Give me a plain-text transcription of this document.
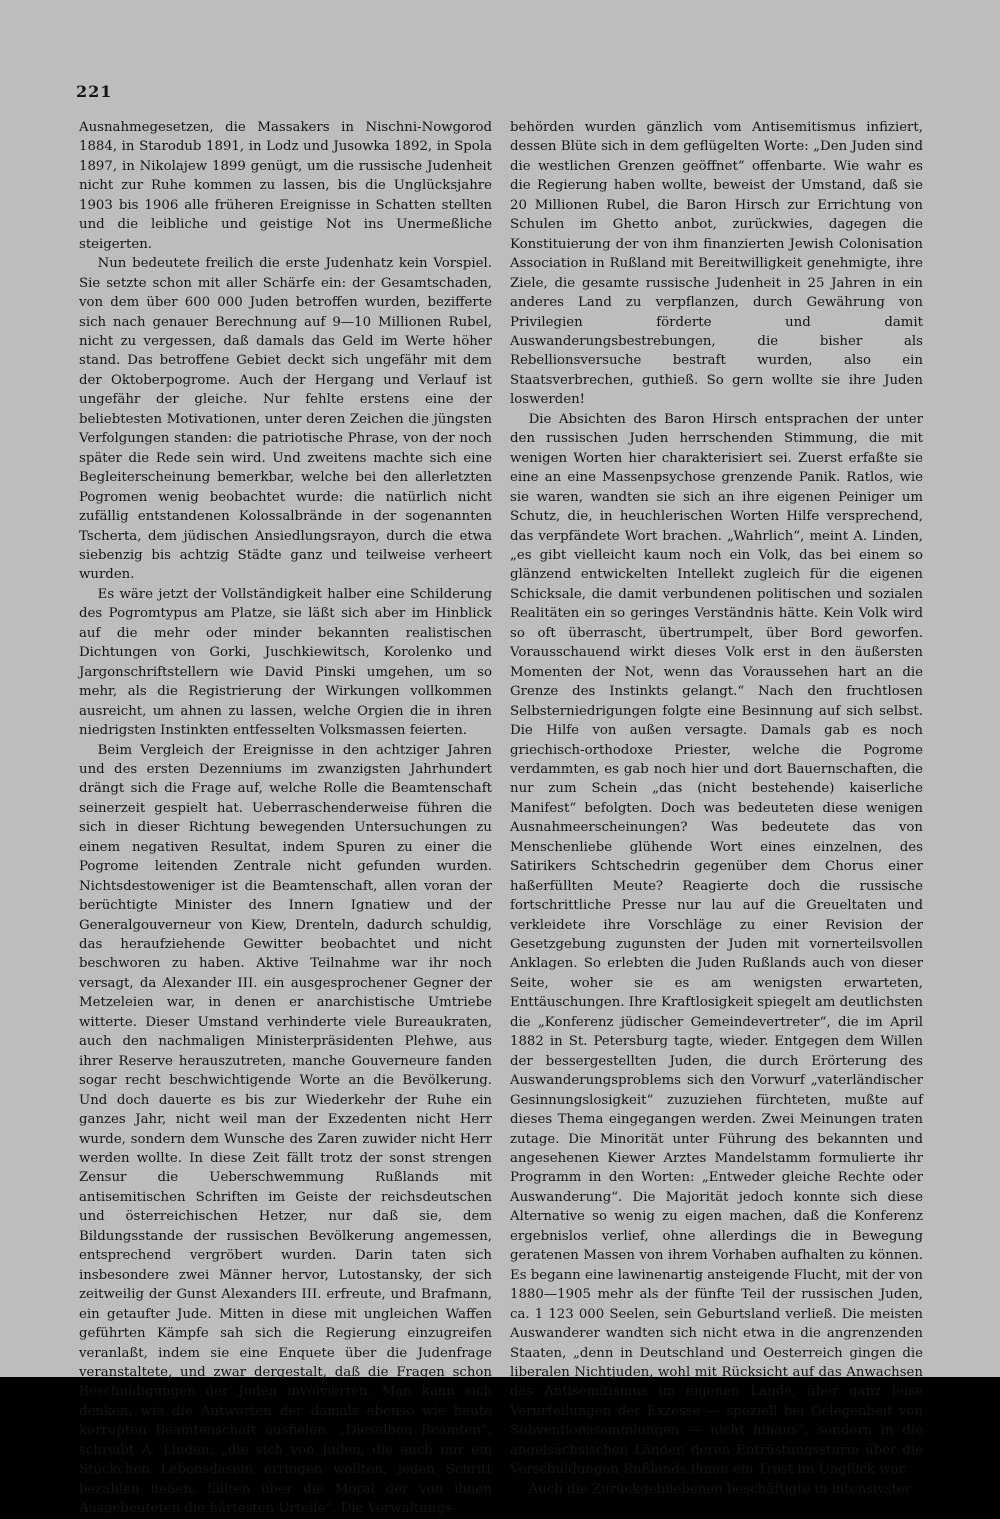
221

Ausnahmegesetzen, die Massakers in Nischni-Nowgorod 1884, in Starodub 1891, in Lodz und Jusowka 1892, in Spola 1897, in Nikolajew 1899 genügt, um die russische Judenheit nicht zur Ruhe kommen zu lassen, bis die Unglücksjahre 1903 bis 1906 alle früheren Ereignisse in Schatten stellten und die leibliche und geistige Not ins Unermeßliche steigerten.

Nun bedeutete freilich die erste Judenhatz kein Vorspiel. Sie setzte schon mit aller Schärfe ein: der Gesamtschaden, von dem über 600 000 Juden betroffen wurden, bezifferte sich nach genauer Berechnung auf 9—10 Millionen Rubel, nicht zu vergessen, daß damals das Geld im Werte höher stand. Das betroffene Gebiet deckt sich ungefähr mit dem der Oktoberpogrome. Auch der Hergang und Verlauf ist ungefähr der gleiche. Nur fehlte erstens eine der beliebtesten Motivationen, unter deren Zeichen die jüngsten Verfolgungen standen: die patriotische Phrase, von der noch später die Rede sein wird. Und zweitens machte sich eine Begleiterscheinung bemerkbar, welche bei den allerletzten Pogromen wenig beobachtet wurde: die natürlich nicht zufällig entstandenen Kolossalbrände in der sogenannten Tscherta, dem jüdischen Ansiedlungsrayon, durch die etwa siebenzig bis achtzig Städte ganz und teilweise verheert wurden.

Es wäre jetzt der Vollständigkeit halber eine Schilderung des Pogromtypus am Platze, sie läßt sich aber im Hinblick auf die mehr oder minder bekannten realistischen Dichtungen von Gorki, Juschkiewitsch, Korolenko und Jargonschriftstellern wie David Pinski umgehen, um so mehr, als die Registrierung der Wirkungen vollkommen ausreicht, um ahnen zu lassen, welche Orgien die in ihren niedrigsten Instinkten entfesselten Volksmassen feierten.

Beim Vergleich der Ereignisse in den achtziger Jahren und des ersten Dezenniums im zwanzigsten Jahrhundert drängt sich die Frage auf, welche Rolle die Beamtenschaft seinerzeit gespielt hat. Ueberraschenderweise führen die sich in dieser Richtung bewegenden Untersuchungen zu einem negativen Resultat, indem Spuren zu einer die Pogrome leitenden Zentrale nicht gefunden wurden. Nichtsdestoweniger ist die Beamtenschaft, allen voran der berüchtigte Minister des Innern Ignatiew und der Generalgouverneur von Kiew, Drenteln, dadurch schuldig, das heraufziehende Gewitter beobachtet und nicht beschworen zu haben. Aktive Teilnahme war ihr noch versagt, da Alexander III. ein ausgesprochener Gegner der Metzeleien war, in denen er anarchistische Umtriebe witterte. Dieser Umstand verhinderte viele Bureaukraten, auch den nachmaligen Ministerpräsidenten Plehwe, aus ihrer Reserve herauszutreten, manche Gouverneure fanden sogar recht beschwichtigende Worte an die Bevölkerung. Und doch dauerte es bis zur Wiederkehr der Ruhe ein ganzes Jahr, nicht weil man der Exzedenten nicht Herr wurde, sondern dem Wunsche des Zaren zuwider nicht Herr werden wollte. In diese Zeit fällt trotz der sonst strengen Zensur die Ueberschwemmung Rußlands mit antisemitischen Schriften im Geiste der reichsdeutschen und österreichischen Hetzer, nur daß sie, dem Bildungsstande der russischen Bevölkerung angemessen, entsprechend vergröbert wurden. Darin taten sich insbesondere zwei Männer hervor, Lutostansky, der sich zeitweilig der Gunst Alexanders III. erfreute, und Brafmann, ein getaufter Jude. Mitten in diese mit ungleichen Waffen geführten Kämpfe sah sich die Regierung einzugreifen veranlaßt, indem sie eine Enquete über die Judenfrage veranstaltete, und zwar dergestalt, daß die Fragen schon Beschuldigungen der Juden involvierten. Man kann sich denken, wie die Antworten der damals ebenso wie heute korrupten Beamtenschaft ausfielen. „Dieselben Beamten“, schreibt A. Linden, „die sich von Juden, die auch nur ein Stückchen Lebensdasein erringen wollten, jeden Schritt bezahlen ließen, fällten über die Moral der von ihnen Ausgebeuteten die härtesten Urteile“. Die Verwaltungs-

behörden wurden gänzlich vom Antisemitismus infiziert, dessen Blüte sich in dem geflügelten Worte: „Den Juden sind die westlichen Grenzen geöffnet“ offenbarte. Wie wahr es die Regierung haben wollte, beweist der Umstand, daß sie 20 Millionen Rubel, die Baron Hirsch zur Errichtung von Schulen im Ghetto anbot, zurückwies, dagegen die Konstituierung der von ihm finanzierten Jewish Colonisation Association in Rußland mit Bereitwilligkeit genehmigte, ihre Ziele, die gesamte russische Judenheit in 25 Jahren in ein anderes Land zu verpflanzen, durch Gewährung von Privilegien förderte und damit Auswanderungsbestrebungen, die bisher als Rebellionsversuche bestraft wurden, also ein Staatsverbrechen, guthieß. So gern wollte sie ihre Juden loswerden!

Die Absichten des Baron Hirsch entsprachen der unter den russischen Juden herrschenden Stimmung, die mit wenigen Worten hier charakterisiert sei. Zuerst erfaßte sie eine an eine Massenpsychose grenzende Panik. Ratlos, wie sie waren, wandten sie sich an ihre eigenen Peiniger um Schutz, die, in heuchlerischen Worten Hilfe versprechend, das verpfändete Wort brachen. „Wahrlich“, meint A. Linden, „es gibt vielleicht kaum noch ein Volk, das bei einem so glänzend entwickelten Intellekt zugleich für die eigenen Schicksale, die damit verbundenen politischen und sozialen Realitäten ein so geringes Verständnis hätte. Kein Volk wird so oft überrascht, übertrumpelt, über Bord geworfen. Vorausschauend wirkt dieses Volk erst in den äußersten Momenten der Not, wenn das Voraussehen hart an die Grenze des Instinkts gelangt.“ Nach den fruchtlosen Selbsterniedrigungen folgte eine Besinnung auf sich selbst. Die Hilfe von außen versagte. Damals gab es noch griechisch-orthodoxe Priester, welche die Pogrome verdammten, es gab noch hier und dort Bauernschaften, die nur zum Schein „das (nicht bestehende) kaiserliche Manifest“ befolgten. Doch was bedeuteten diese wenigen Ausnahmeerscheinungen? Was bedeutete das von Menschenliebe glühende Wort eines einzelnen, des Satirikers Schtschedrin gegenüber dem Chorus einer haßerfüllten Meute? Reagierte doch die russische fortschrittliche Presse nur lau auf die Greueltaten und verkleidete ihre Vorschläge zu einer Revision der Gesetzgebung zugunsten der Juden mit vornerteilsvollen Anklagen. So erlebten die Juden Rußlands auch von dieser Seite, woher sie es am wenigsten erwarteten, Enttäuschungen. Ihre Kraftlosigkeit spiegelt am deutlichsten die „Konferenz jüdischer Gemeindevertreter“, die im April 1882 in St. Petersburg tagte, wieder. Entgegen dem Willen der bessergestellten Juden, die durch Erörterung des Auswanderungsproblems sich den Vorwurf „vaterländischer Gesinnungslosigkeit“ zuzuziehen fürchteten, mußte auf dieses Thema eingegangen werden. Zwei Meinungen traten zutage. Die Minorität unter Führung des bekannten und angesehenen Kiewer Arztes Mandelstamm formulierte ihr Programm in den Worten: „Entweder gleiche Rechte oder Auswanderung“. Die Majorität jedoch konnte sich diese Alternative so wenig zu eigen machen, daß die Konferenz ergebnislos verlief, ohne allerdings die in Bewegung geratenen Massen von ihrem Vorhaben aufhalten zu können. Es begann eine lawinenartig ansteigende Flucht, mit der von 1880—1905 mehr als der fünfte Teil der russischen Juden, ca. 1 123 000 Seelen, sein Geburtsland verließ. Die meisten Auswanderer wandten sich nicht etwa in die angrenzenden Staaten, „denn in Deutschland und Oesterreich gingen die liberalen Nichtjuden, wohl mit Rücksicht auf das Anwachsen des Antisemitismus im eigenen Lande, über ganz leise Verurteilungen der Exzesse — speziell bei Gelegenheit von Subventionssammlungen — nicht hinaus“, sondern in die angelsächsischen Länder, deren Entrüstungssturm über die Verschuldungen Rußlands ihnen ein Trost im Unglück war.

Auch die Zurückgebliebenen beschäftigte in intensivster
